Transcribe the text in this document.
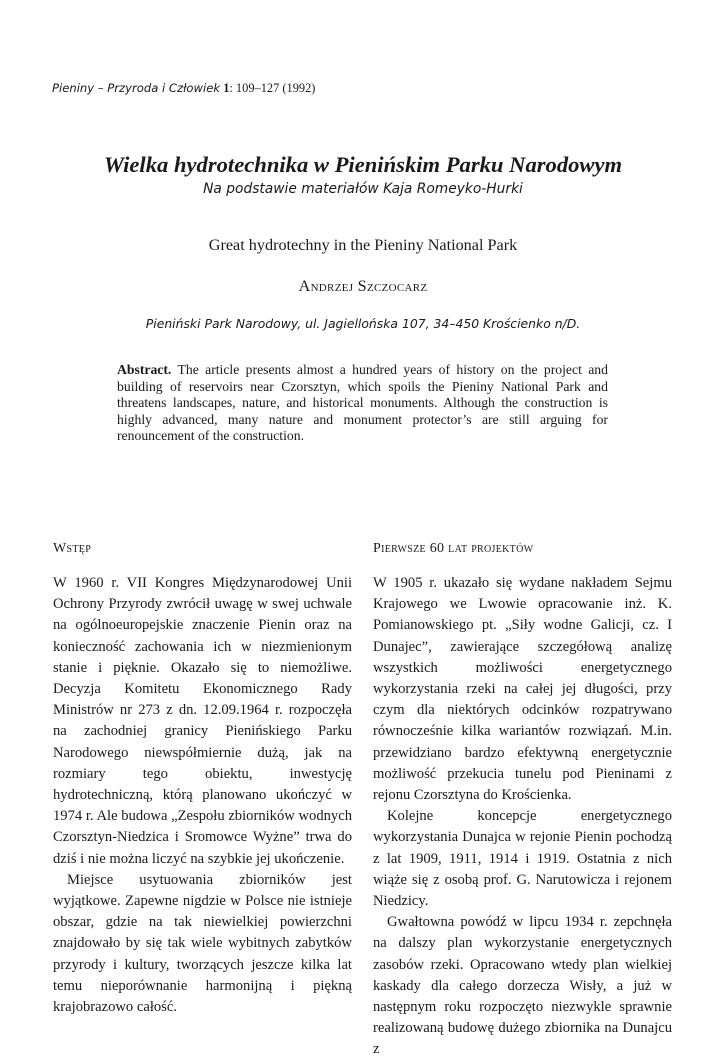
Pieniny – Przyroda i Człowiek 1: 109–127 (1992)
Wielka hydrotechnika w Pienińskim Parku Narodowym
Na podstawie materiałów Kaja Romeyko-Hurki
Great hydrotechny in the Pieniny National Park
Andrzej Szczocarz
Pieniński Park Narodowy, ul. Jagiellońska 107, 34–450 Krościenko n/D.
Abstract. The article presents almost a hundred years of history on the project and building of reservoirs near Czorsztyn, which spoils the Pieniny National Park and threatens landscapes, nature, and historical monuments. Although the construction is highly advanced, many nature and monument protector’s are still arguing for renouncement of the construction.
Wstęp

W 1960 r. VII Kongres Międzynarodowej Unii Ochrony Przyrody zwrócił uwagę w swej uchwale na ogólnoeuropejskie znaczenie Pienin oraz na konieczność zachowania ich w niezmienionym stanie i pięknie. Okazało się to niemożliwe. Decyzja Komitetu Ekonomicznego Rady Ministrów nr 273 z dn. 12.09.1964 r. rozpoczęła na zachodniej granicy Pienińskiego Parku Narodowego niewspółmiernie dużą, jak na rozmiary tego obiektu, inwestycję hydrotechniczną, którą planowano ukończyć w 1974 r. Ale budowa „Zespołu zbiorników wodnych Czorsztyn-Niedzica i Sromowce Wyżne” trwa do dziś i nie można liczyć na szybkie jej ukończenie.

Miejsce usytuowania zbiorników jest wyjątkowe. Zapewne nigdzie w Polsce nie istnieje obszar, gdzie na tak niewielkiej powierzchni znajdowało by się tak wiele wybitnych zabytków przyrody i kultury, tworzących jeszcze kilka lat temu nieporównanie harmonijną i piękną krajobrazowo całość.

Pierwsze 60 lat projektów

W 1905 r. ukazało się wydane nakładem Sejmu Krajowego we Lwowie opracowanie inż. K. Pomianowskiego pt. „Siły wodne Galicji, cz. I Dunajec”, zawierające szczegółową analizę wszystkich możliwości energetycznego wykorzystania rzeki na całej jej długości, przy czym dla niektórych odcinków rozpatrywano równocześnie kilka wariantów rozwiązań. M.in. przewidziano bardzo efektywną energetycznie możliwość przekucia tunelu pod Pieninami z rejonu Czorsztyna do Krościenka.

Kolejne koncepcje energetycznego wykorzystania Dunajca w rejonie Pienin pochodzą z lat 1909, 1911, 1914 i 1919. Ostatnia z nich wiąże się z osobą prof. G. Narutowicza i rejonem Niedzicy.

Gwałtowna powódź w lipcu 1934 r. zepchnęła na dalszy plan wykorzystanie energetycznych zasobów rzeki. Opracowano wtedy plan wielkiej kaskady dla całego dorzecza Wisły, a już w następnym roku rozpoczęto niezwykle sprawnie realizowaną budowę dużego zbiornika na Dunajcu z
